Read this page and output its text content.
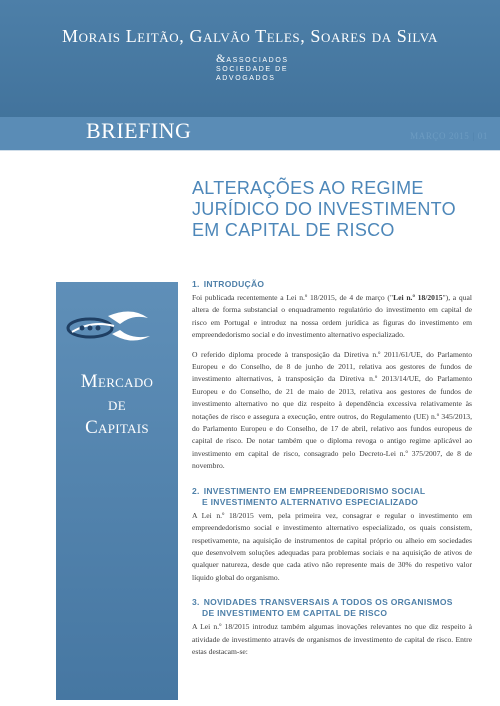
Morais Leitão, Galvão Teles, Soares da Silva
&ASSOCIADOS
SOCIEDADE DE
ADVOGADOS
BRIEFING	MARÇO 2015 | 01
ALTERAÇÕES AO REGIME
JURÍDICO DO INVESTIMENTO
EM CAPITAL DE RISCO
Mercado
de
Capitais
1. INTRODUÇÃO

Foi publicada recentemente a Lei n.º 18/2015, de 4 de março ("Lei n.º 18/2015"), a qual altera de forma substancial o enquadramento regulatório do investimento em capital de risco em Portugal e introduz na nossa ordem jurídica as figuras do investimento em empreendedorismo social e do investimento alternativo especializado.

O referido diploma procede à transposição da Diretiva n.º 2011/61/UE, do Parlamento Europeu e do Conselho, de 8 de junho de 2011, relativa aos gestores de fundos de investimento alternativos, à transposição da Diretiva n.º 2013/14/UE, do Parlamento Europeu e do Conselho, de 21 de maio de 2013, relativa aos gestores de fundos de investimento alternativo no que diz respeito à dependência excessiva relativamente às notações de risco e assegura a execução, entre outros, do Regulamento (UE) n.º 345/2013, do Parlamento Europeu e do Conselho, de 17 de abril, relativo aos fundos europeus de capital de risco. De notar também que o diploma revoga o antigo regime aplicável ao investimento em capital de risco, consagrado pelo Decreto-Lei n.º 375/2007, de 8 de novembro.

2. INVESTIMENTO EM EMPREENDEDORISMO SOCIAL
E INVESTIMENTO ALTERNATIVO ESPECIALIZADO

A Lei n.º 18/2015 vem, pela primeira vez, consagrar e regular o investimento em empreendedorismo social e investimento alternativo especializado, os quais consistem, respetivamente, na aquisição de instrumentos de capital próprio ou alheio em sociedades que desenvolvem soluções adequadas para problemas sociais e na aquisição de ativos de qualquer natureza, desde que cada ativo não represente mais de 30% do respetivo valor líquido global do organismo.

3. NOVIDADES TRANSVERSAIS A TODOS OS ORGANISMOS
DE INVESTIMENTO EM CAPITAL DE RISCO

A Lei n.º 18/2015 introduz também algumas inovações relevantes no que diz respeito à atividade de investimento através de organismos de investimento de capital de risco. Entre estas destacam-se:
